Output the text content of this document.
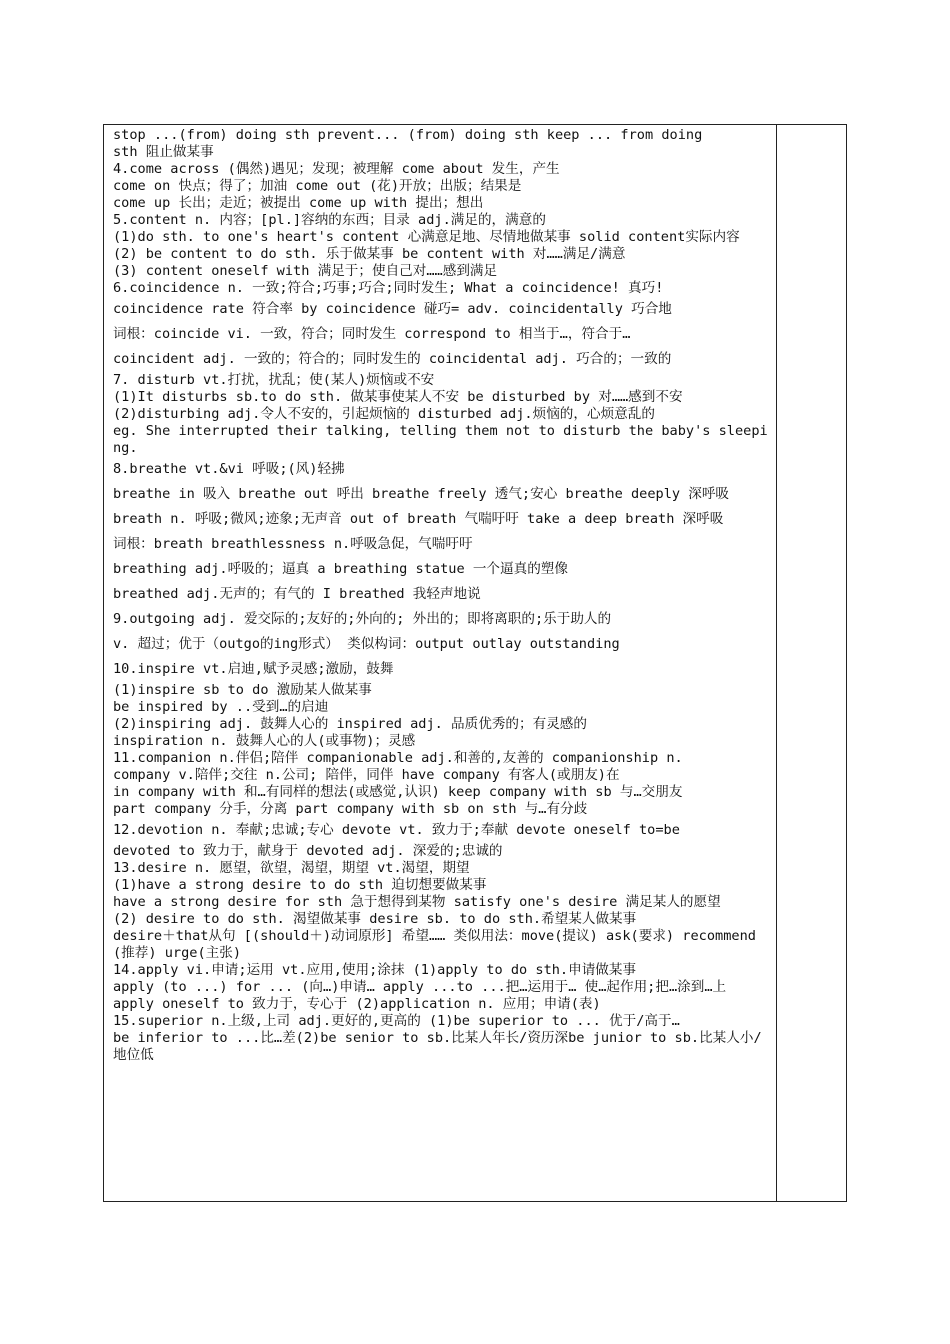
stop ...(from) doing sth prevent... (from) doing sth keep ... from doing
sth 阻止做某事
4.come across (偶然)遇见；发现；被理解 come about 发生，产生
come on 快点；得了；加油 come out (花)开放；出版；结果是
come up 长出；走近；被提出 come up with 提出；想出
5.content n. 内容；[pl.]容纳的东西；目录 adj.满足的，满意的
(1)do sth. to one's heart's content 心满意足地、尽情地做某事 solid content实际内容
(2) be content to do sth. 乐于做某事 be content with 对……满足/满意
(3) content oneself with 满足于；使自己对……感到满足
6.coincidence n. 一致;符合;巧事;巧合;同时发生; What a coincidence! 真巧!
coincidence rate 符合率 by coincidence 碰巧= adv. coincidentally 巧合地
词根：coincide vi. 一致，符合；同时发生 correspond to 相当于…，符合于…
coincident adj. 一致的；符合的；同时发生的 coincidental adj. 巧合的；一致的
7. disturb vt.打扰，扰乱；使(某人)烦恼或不安
(1)It disturbs sb.to do sth. 做某事使某人不安 be disturbed by 对……感到不安
(2)disturbing adj.令人不安的，引起烦恼的 disturbed adj.烦恼的，心烦意乱的
eg. She interrupted their talking, telling them not to disturb the baby's sleeping.
8.breathe vt.&vi 呼吸;(风)轻拂
breathe in 吸入 breathe out 呼出 breathe freely 透气;安心 breathe deeply 深呼吸
breath n. 呼吸;微风;迹象;无声音 out of breath 气喘吁吁 take a deep breath 深呼吸
词根：breath breathlessness n.呼吸急促，气喘吁吁
breathing adj.呼吸的；逼真 a breathing statue 一个逼真的塑像
breathed adj.无声的；有气的 I breathed 我轻声地说
9.outgoing adj. 爱交际的;友好的;外向的; 外出的；即将离职的;乐于助人的
v. 超过；优于（outgo的ing形式） 类似构词：output outlay outstanding
10.inspire vt.启迪,赋予灵感;激励，鼓舞
(1)inspire sb to do 激励某人做某事
be inspired by ..受到…的启迪
(2)inspiring adj. 鼓舞人心的 inspired adj. 品质优秀的；有灵感的
inspiration n. 鼓舞人心的人(或事物)；灵感
11.companion n.伴侣;陪伴 companionable adj.和善的,友善的 companionship n.
company v.陪伴;交往 n.公司; 陪伴，同伴 have company 有客人(或朋友)在
in company with 和…有同样的想法(或感觉,认识) keep company with sb 与…交朋友
part company 分手，分离 part company with sb on sth 与…有分歧
12.devotion n. 奉献;忠诚;专心 devote vt. 致力于;奉献 devote oneself to=be
devoted to 致力于，献身于 devoted adj. 深爱的;忠诚的
13.desire n. 愿望，欲望，渴望，期望 vt.渴望，期望
(1)have a strong desire to do sth 迫切想要做某事
have a strong desire for sth 急于想得到某物 satisfy one's desire 满足某人的愿望
(2) desire to do sth. 渴望做某事 desire sb. to do sth.希望某人做某事
desire＋that从句 [(should＋)动词原形] 希望…… 类似用法：move(提议) ask(要求) recommend(推荐) urge(主张)
14.apply vi.申请;运用 vt.应用,使用;涂抹 (1)apply to do sth.申请做某事
apply (to ...) for ... (向…)申请… apply ...to ...把…运用于… 使…起作用;把…涂到…上
apply oneself to 致力于，专心于 (2)application n. 应用；申请(表)
15.superior n.上级,上司 adj.更好的,更高的 (1)be superior to ... 优于/高于…
be inferior to ...比…差(2)be senior to sb.比某人年长/资历深be junior to sb.比某人小/地位低
